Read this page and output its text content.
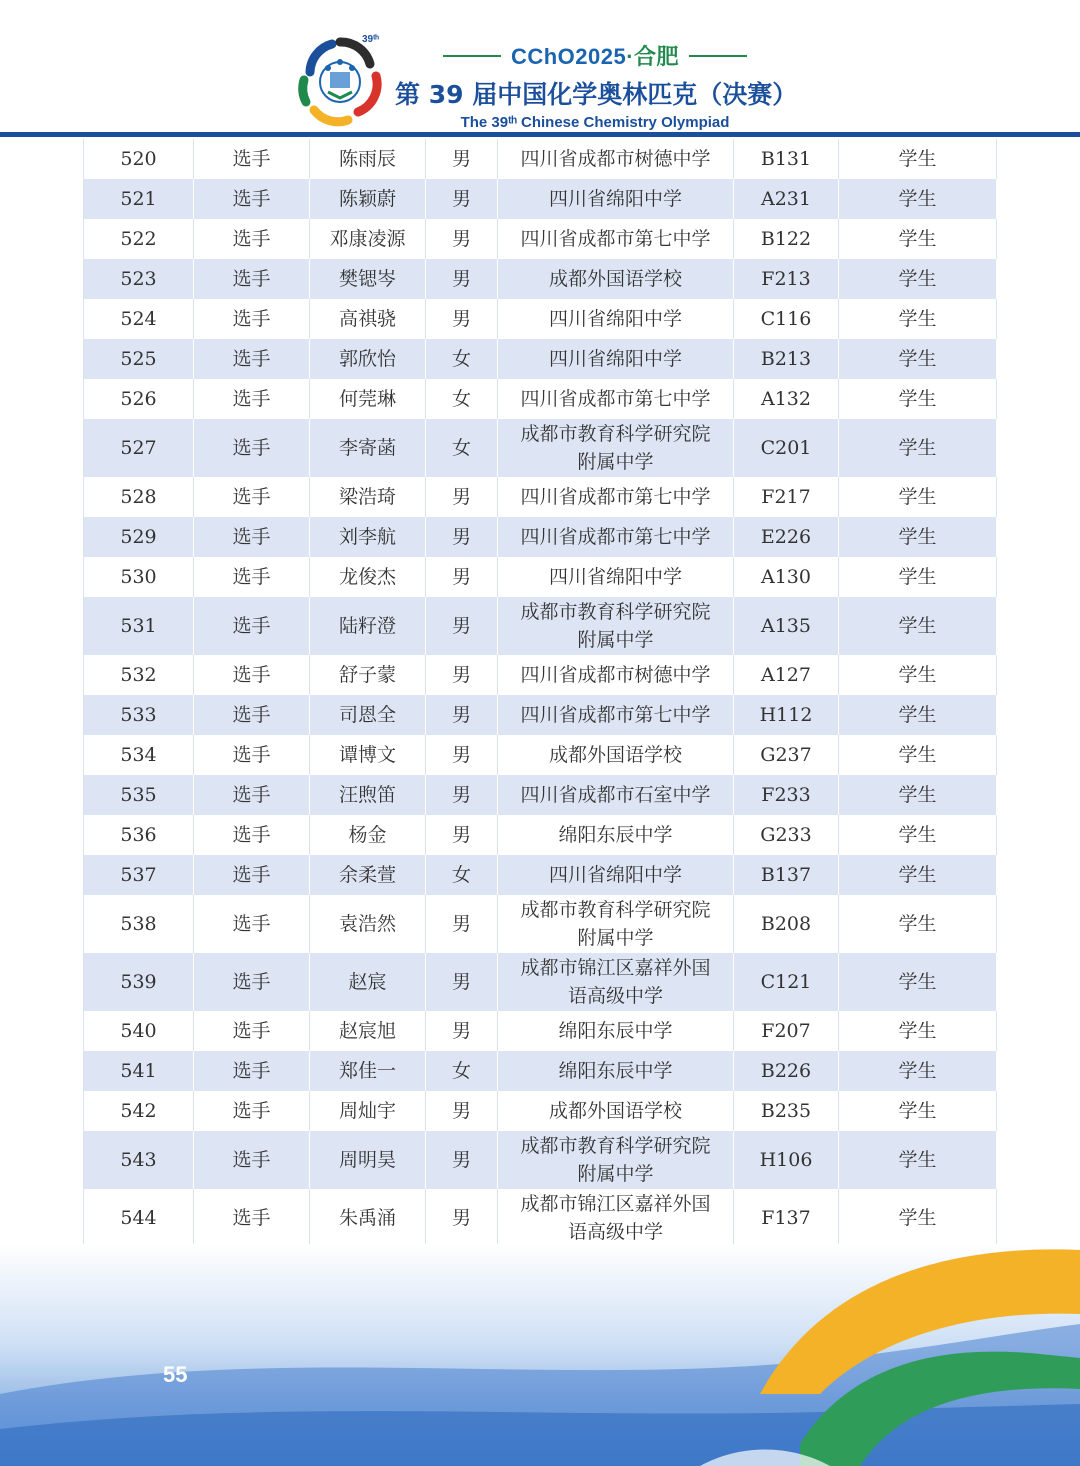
39ᵗʰ
CChO2025·合肥
第 39 届中国化学奥林匹克（决赛）
The 39ᵗʰ Chinese Chemistry Olympiad
520	选手	陈雨辰	男	四川省成都市树德中学	B131	学生
521	选手	陈颖蔚	男	四川省绵阳中学	A231	学生
522	选手	邓康凌源	男	四川省成都市第七中学	B122	学生
523	选手	樊锶岑	男	成都外国语学校	F213	学生
524	选手	高祺骁	男	四川省绵阳中学	C116	学生
525	选手	郭欣怡	女	四川省绵阳中学	B213	学生
526	选手	何莞琳	女	四川省成都市第七中学	A132	学生
527	选手	李寄菡	女	成都市教育科学研究院
附属中学	C201	学生
528	选手	梁浩琦	男	四川省成都市第七中学	F217	学生
529	选手	刘李航	男	四川省成都市第七中学	E226	学生
530	选手	龙俊杰	男	四川省绵阳中学	A130	学生
531	选手	陆籽澄	男	成都市教育科学研究院
附属中学	A135	学生
532	选手	舒子蒙	男	四川省成都市树德中学	A127	学生
533	选手	司恩全	男	四川省成都市第七中学	H112	学生
534	选手	谭博文	男	成都外国语学校	G237	学生
535	选手	汪煦笛	男	四川省成都市石室中学	F233	学生
536	选手	杨金	男	绵阳东辰中学	G233	学生
537	选手	余柔萱	女	四川省绵阳中学	B137	学生
538	选手	袁浩然	男	成都市教育科学研究院
附属中学	B208	学生
539	选手	赵宸	男	成都市锦江区嘉祥外国
语高级中学	C121	学生
540	选手	赵宸旭	男	绵阳东辰中学	F207	学生
541	选手	郑佳一	女	绵阳东辰中学	B226	学生
542	选手	周灿宇	男	成都外国语学校	B235	学生
543	选手	周明昊	男	成都市教育科学研究院
附属中学	H106	学生
544	选手	朱禹涌	男	成都市锦江区嘉祥外国
语高级中学	F137	学生
55
